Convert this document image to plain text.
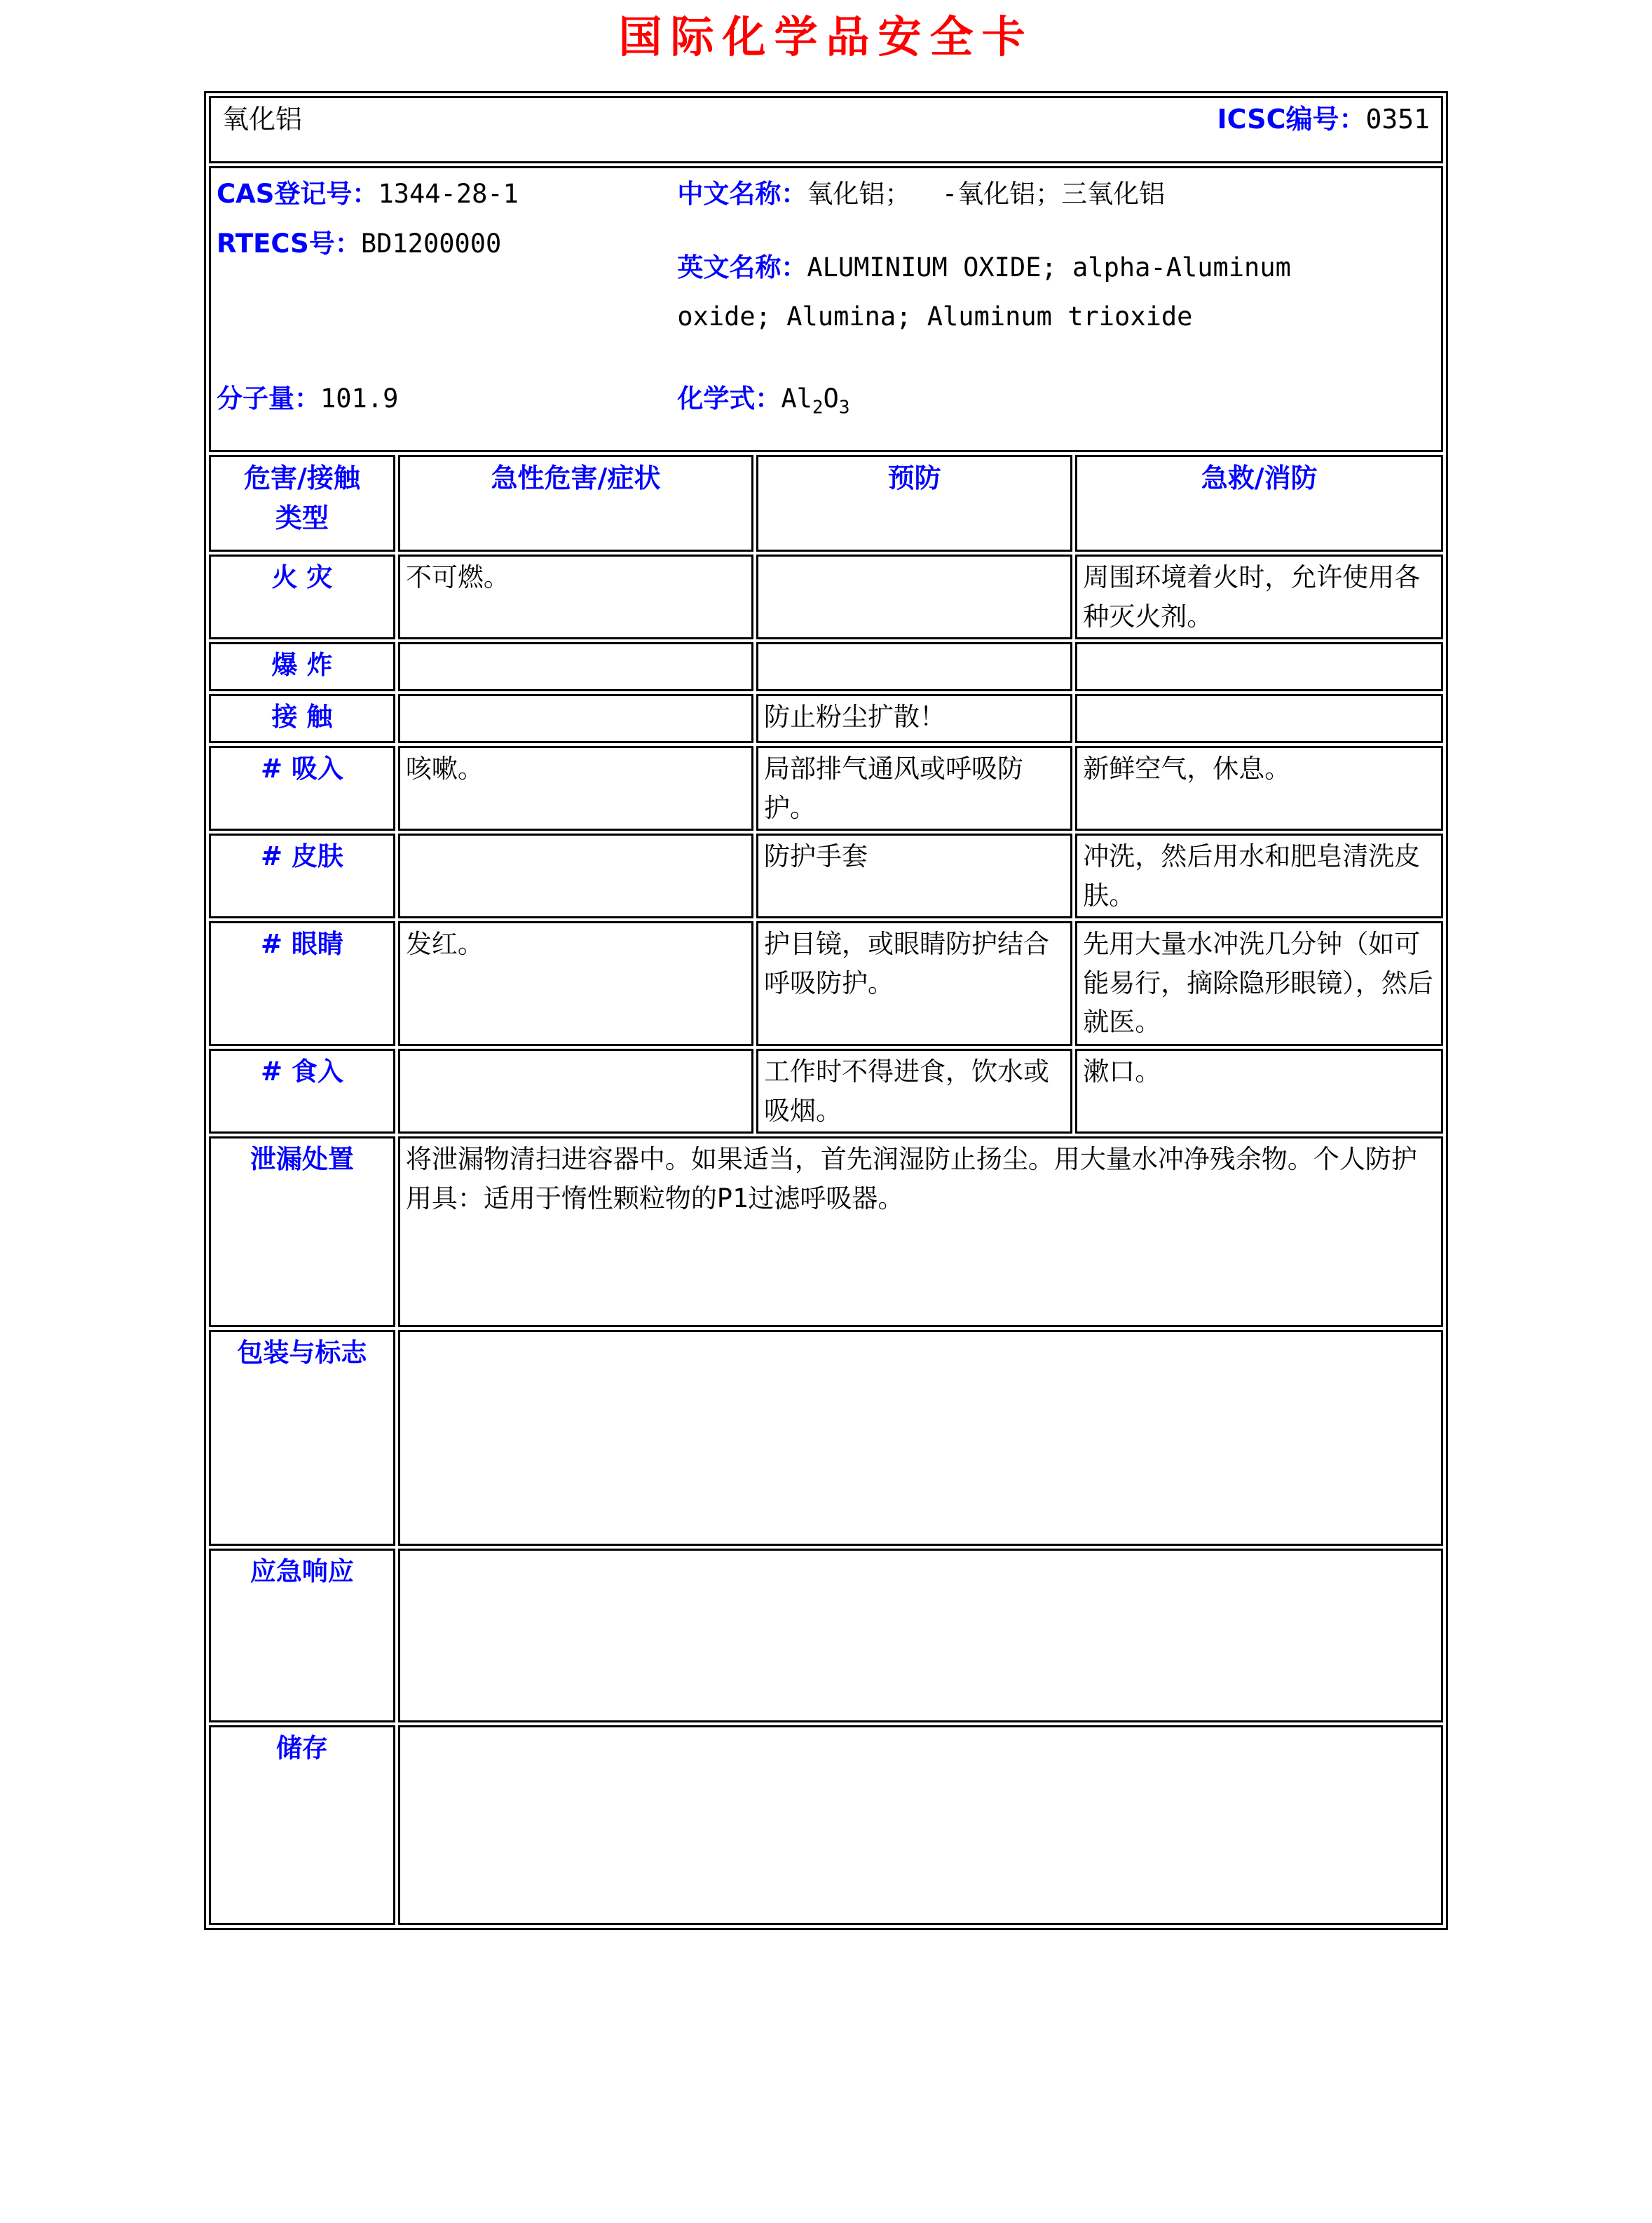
国际化学品安全卡
氧化铝 ICSC编号：0351			

CAS登记号：1344-28-1

RTECS号：BD1200000

中文名称：氧化铝；  -氧化铝；三氧化铝

英文名称：ALUMINIUM OXIDE; alpha-Aluminum oxide; Alumina; Aluminum trioxide

分子量：101.9	化学式：$Al_2O_3$

危害/接触类型	急性危害/症状	预防	急救/消防
火 灾	不可燃。		周围环境着火时，允许使用各种灭火剂。
爆 炸			
接 触		防止粉尘扩散！	
# 吸入	咳嗽。	局部排气通风或呼吸防护。	新鲜空气，休息。
# 皮肤		防护手套	冲洗，然后用水和肥皂清洗皮肤。
# 眼睛	发红。	护目镜，或眼睛防护结合呼吸防护。	先用大量水冲洗几分钟（如可能易行，摘除隐形眼镜），然后就医。
# 食入		工作时不得进食，饮水或吸烟。	漱口。
泄漏处置	将泄漏物清扫进容器中。如果适当，首先润湿防止扬尘。用大量水冲净残余物。个人防护用具：适用于惰性颗粒物的P1过滤呼吸器。		
包装与标志			
应急响应			
储存			
